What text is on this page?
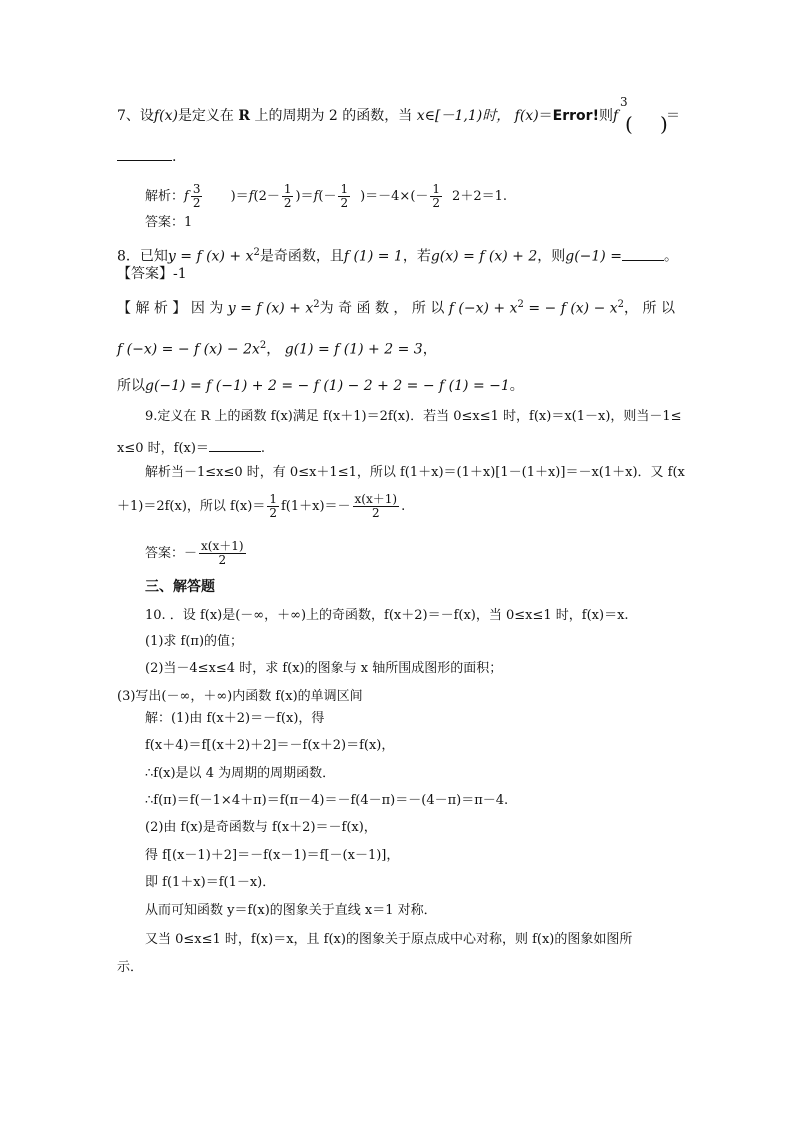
7、设f(x)是定义在 R 上的周期为 2 的函数，当 x∈[－1,1)时， f(x)＝Error!则f
3
( )
＝
.
解析：f $\frac{3}{2} )=f(2- \frac{1}{2} )=f(- \frac{1}{2} )=-4\times(- \frac{1}{2} 2+2=1$.
答案：1
8．已知y = f $(x) + x^2$是奇函数，且f (1) = 1，若g(x) = f (x) + 2，则g(−1) =	。
【答案】-1
【 解 析 】 因 为 y = f $(x) + x^2$为 奇 函 数 ， 所 以 f $(-x) + x^2$ = − f $(x) - x^2$， 所 以
f (−x) = − f $(x) - 2x^2$， g(1) = f (1) + 2 = 3，
所以g(−1) = f (−1) + 2 = − f (1) − 2 + 2 = − f (1) = −1。
9.定义在 R 上的函数 f(x)满足 f(x＋1)＝2f(x)．若当 0≤x≤1 时，f(x)＝x(1－x)，则当－1≤
x≤0 时，f(x)＝	.
解析当－1≤x≤0 时，有 0≤x＋1≤1，所以 f(1＋x)＝(1＋x)[1－(1＋x)]＝－x(1＋x)．又 f(x
＋1)＝2f(x)，所以 $f(x)= \frac{1}{2} f(1+x)=- \frac{x(x+1)}{2}$ .
答案：－ $\frac{x(x+1)}{2}$
三、解答题
10. ．设 f(x)是(－∞，＋∞)上的奇函数，f(x＋2)＝－f(x)，当 0≤x≤1 时，f(x)＝x.
(1)求 f(π)的值；
(2)当－4≤x≤4 时，求 f(x)的图象与 x 轴所围成图形的面积；
(3)写出(－∞，＋∞)内函数 f(x)的单调区间
解：(1)由 f(x＋2)＝－f(x)，得
f(x＋4)＝f[(x＋2)＋2]＝－f(x＋2)＝f(x)，
∴f(x)是以 4 为周期的周期函数．
∴f(π)＝f(－1×4＋π)＝f(π－4)＝－f(4－π)＝－(4－π)＝π－4.
(2)由 f(x)是奇函数与 f(x＋2)＝－f(x)，
得 f[(x－1)＋2]＝－f(x－1)＝f[－(x－1)]，
即 f(1＋x)＝f(1－x)．
从而可知函数 y＝f(x)的图象关于直线 x＝1 对称．
又当 0≤x≤1 时，f(x)＝x，且 f(x)的图象关于原点成中心对称，则 f(x)的图象如图所
示．
